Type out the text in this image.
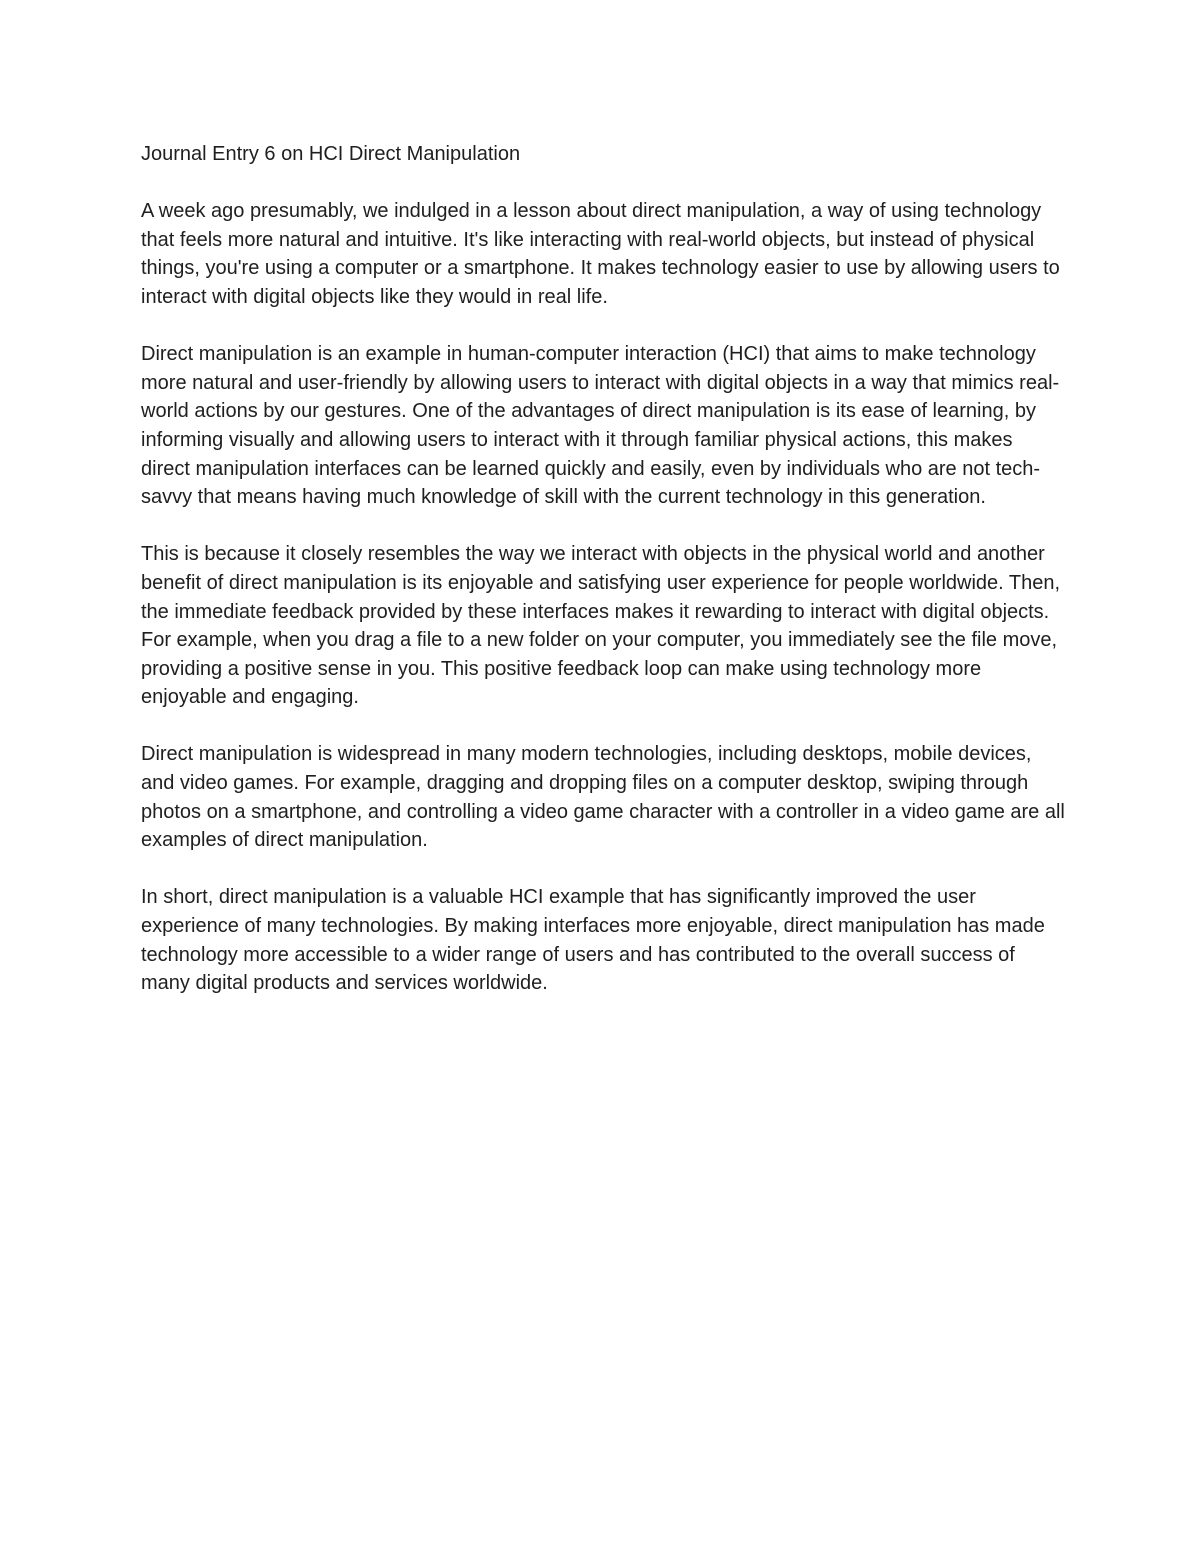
Journal Entry 6 on HCI Direct Manipulation

A week ago presumably, we indulged in a lesson about direct manipulation, a way of using technology that feels more natural and intuitive. It's like interacting with real-world objects, but instead of physical things, you're using a computer or a smartphone. It makes technology easier to use by allowing users to interact with digital objects like they would in real life.

Direct manipulation is an example in human-computer interaction (HCI) that aims to make technology more natural and user-friendly by allowing users to interact with digital objects in a way that mimics real-world actions by our gestures. One of the advantages of direct manipulation is its ease of learning, by informing visually and allowing users to interact with it through familiar physical actions, this makes direct manipulation interfaces can be learned quickly and easily, even by individuals who are not tech-savvy that means having much knowledge of skill with the current technology in this generation.

This is because it closely resembles the way we interact with objects in the physical world and another benefit of direct manipulation is its enjoyable and satisfying user experience for people worldwide. Then, the immediate feedback provided by these interfaces makes it rewarding to interact with digital objects. For example, when you drag a file to a new folder on your computer, you immediately see the file move, providing a positive sense in you. This positive feedback loop can make using technology more enjoyable and engaging.

Direct manipulation is widespread in many modern technologies, including desktops, mobile devices, and video games. For example, dragging and dropping files on a computer desktop, swiping through photos on a smartphone, and controlling a video game character with a controller in a video game are all examples of direct manipulation.

In short, direct manipulation is a valuable HCI example that has significantly improved the user experience of many technologies. By making interfaces more enjoyable, direct manipulation has made technology more accessible to a wider range of users and has contributed to the overall success of many digital products and services worldwide.
